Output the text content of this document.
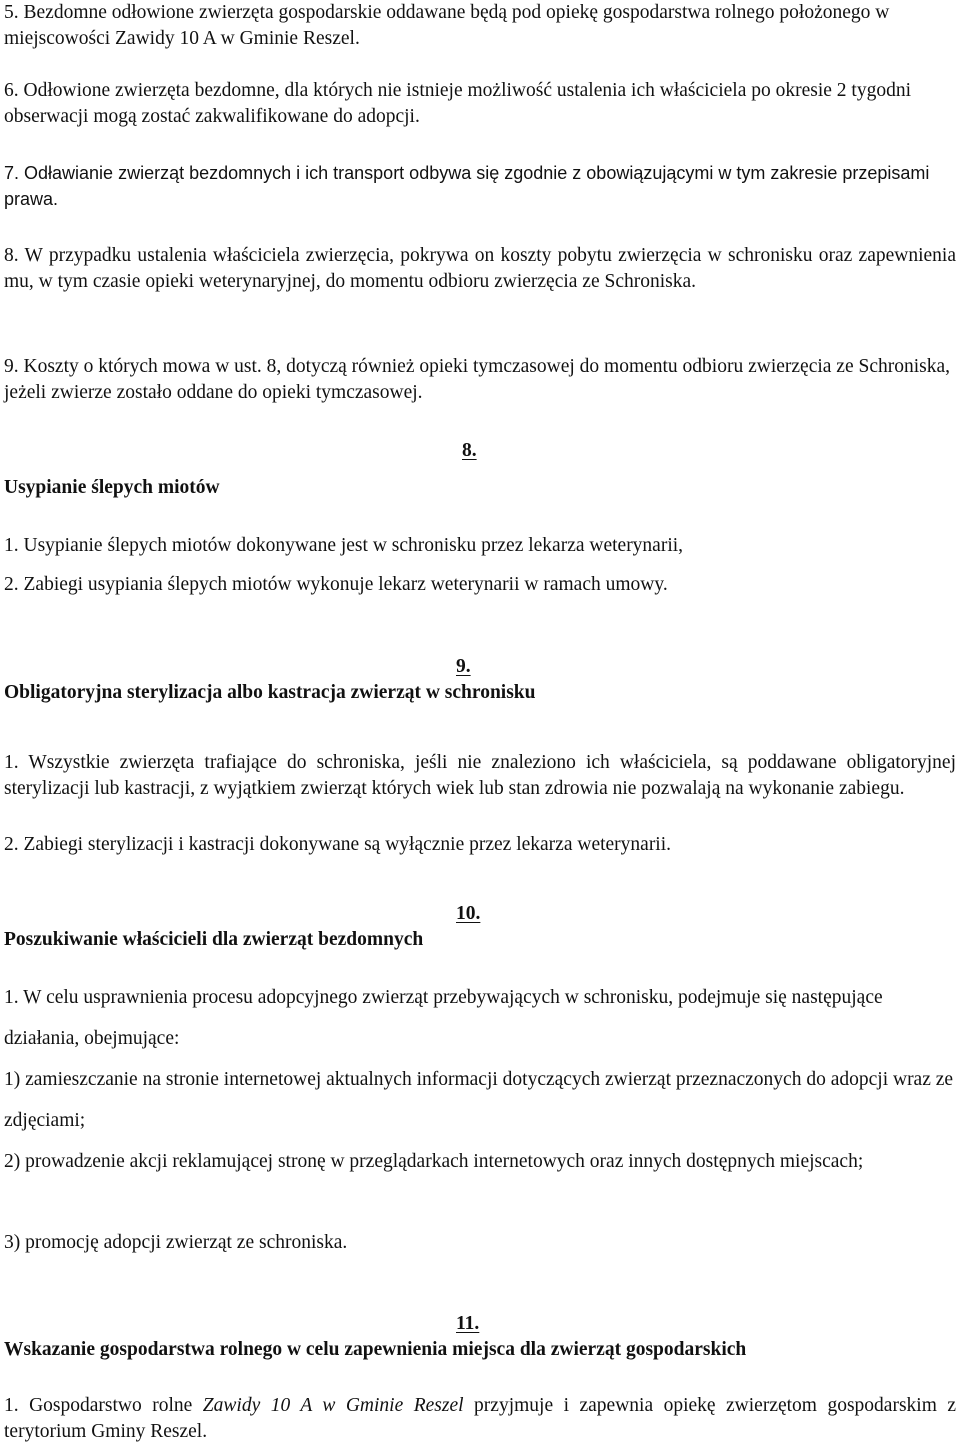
5. Bezdomne odłowione zwierzęta gospodarskie oddawane będą pod opiekę gospodarstwa rolnego położonego w miejscowości Zawidy 10 A w Gminie Reszel.

6. Odłowione zwierzęta bezdomne, dla których nie istnieje możliwość ustalenia ich właściciela po okresie 2 tygodni obserwacji mogą zostać zakwalifikowane do adopcji.

7. Odławianie zwierząt bezdomnych i ich transport odbywa się zgodnie z obowiązującymi w tym zakresie przepisami prawa.

8. W przypadku ustalenia właściciela zwierzęcia, pokrywa on koszty pobytu zwierzęcia w schronisku oraz zapewnienia mu, w tym czasie opieki weterynaryjnej, do momentu odbioru zwierzęcia ze Schroniska.

9. Koszty o których mowa w ust. 8, dotyczą również opieki tymczasowej do momentu odbioru zwierzęcia ze Schroniska, jeżeli zwierze zostało oddane do opieki tymczasowej.

8.

Usypianie ślepych miotów

1. Usypianie ślepych miotów dokonywane jest w schronisku przez lekarza weterynarii,

2. Zabiegi usypiania ślepych miotów wykonuje lekarz weterynarii w ramach umowy.

9.

Obligatoryjna sterylizacja albo kastracja zwierząt w schronisku

1. Wszystkie zwierzęta trafiające do schroniska, jeśli nie znaleziono ich właściciela, są poddawane obligatoryjnej sterylizacji lub kastracji, z wyjątkiem zwierząt których wiek lub stan zdrowia nie pozwalają na wykonanie zabiegu.

2. Zabiegi sterylizacji i kastracji dokonywane są wyłącznie przez lekarza weterynarii.

10.

Poszukiwanie właścicieli dla zwierząt bezdomnych

1. W celu usprawnienia procesu adopcyjnego zwierząt przebywających w schronisku, podejmuje się następujące działania, obejmujące:

1) zamieszczanie na stronie internetowej aktualnych informacji dotyczących zwierząt przeznaczonych do adopcji wraz ze zdjęciami;

2) prowadzenie akcji reklamującej stronę w przeglądarkach internetowych oraz innych dostępnych miejscach;

3) promocję adopcji zwierząt ze schroniska.

11.

Wskazanie gospodarstwa rolnego w celu zapewnienia miejsca dla zwierząt gospodarskich

1. Gospodarstwo rolne Zawidy 10 A w Gminie Reszel przyjmuje i zapewnia opiekę zwierzętom gospodarskim z terytorium Gminy Reszel.
